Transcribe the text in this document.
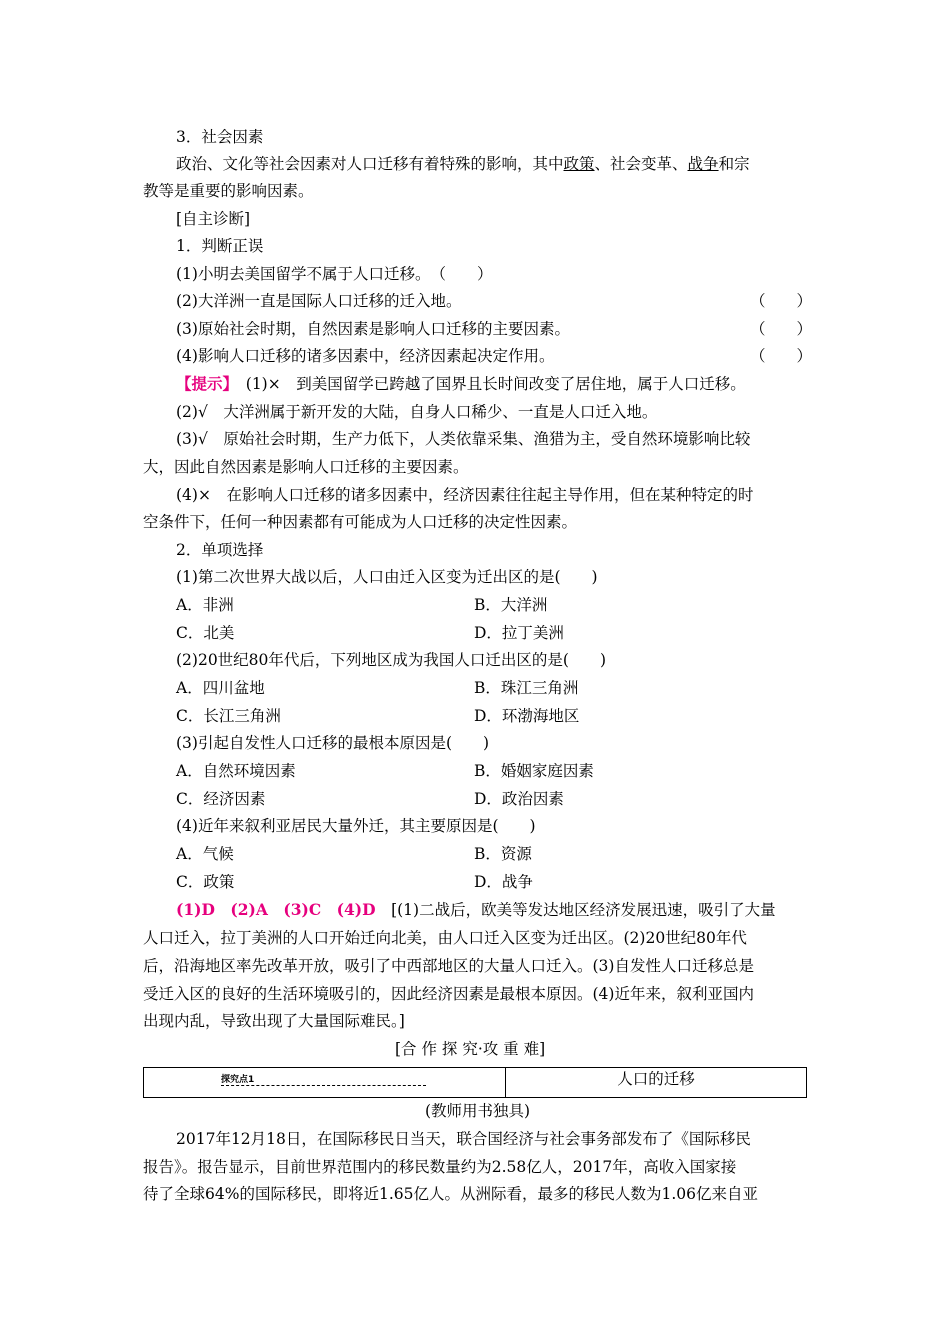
3．社会因素
政治、文化等社会因素对人口迁移有着特殊的影响，其中政策、社会变革、战争和宗
教等是重要的影响因素。
[自主诊断]
1．判断正误
(1)小明去美国留学不属于人口迁移。　（　　）
(2)大洋洲一直是国际人口迁移的迁入地。	（　　）
(3)原始社会时期，自然因素是影响人口迁移的主要因素。	（　　）
(4)影响人口迁移的诸多因素中，经济因素起决定作用。	（　　）
【提示】　(1)×　到美国留学已跨越了国界且长时间改变了居住地，属于人口迁移。
(2)√　大洋洲属于新开发的大陆，自身人口稀少、一直是人口迁入地。
(3)√　原始社会时期，生产力低下，人类依靠采集、渔猎为主，受自然环境影响比较
大，因此自然因素是影响人口迁移的主要因素。
(4)×　在影响人口迁移的诸多因素中，经济因素往往起主导作用，但在某种特定的时
空条件下，任何一种因素都有可能成为人口迁移的决定性因素。
2．单项选择
(1)第二次世界大战以后，人口由迁入区变为迁出区的是(　　)
A．非洲	B．大洋洲
C．北美	D．拉丁美洲
(2)20世纪80年代后，下列地区成为我国人口迁出区的是(　　)
A．四川盆地	B．珠江三角洲
C．长江三角洲	D．环渤海地区
(3)引起自发性人口迁移的最根本原因是(　　)
A．自然环境因素	B．婚姻家庭因素
C．经济因素	D．政治因素
(4)近年来叙利亚居民大量外迁，其主要原因是(　　)
A．气候	B．资源
C．政策	D．战争
(1)D　(2)A　(3)C　(4)D　[(1)二战后，欧美等发达地区经济发展迅速，吸引了大量
人口迁入，拉丁美洲的人口开始迁向北美，由人口迁入区变为迁出区。(2)20世纪80年代
后，沿海地区率先改革开放，吸引了中西部地区的大量人口迁入。(3)自发性人口迁移总是
受迁入区的良好的生活环境吸引的，因此经济因素是最根本原因。(4)近年来，叙利亚国内
出现内乱，导致出现了大量国际难民。]
[合 作 探 究·攻 重 难]
探究点1	人口的迁移
(教师用书独具)
2017年12月18日，在国际移民日当天，联合国经济与社会事务部发布了《国际移民
报告》。报告显示，目前世界范围内的移民数量约为2.58亿人，2017年，高收入国家接
待了全球64%的国际移民，即将近1.65亿人。从洲际看，最多的移民人数为1.06亿来自亚
